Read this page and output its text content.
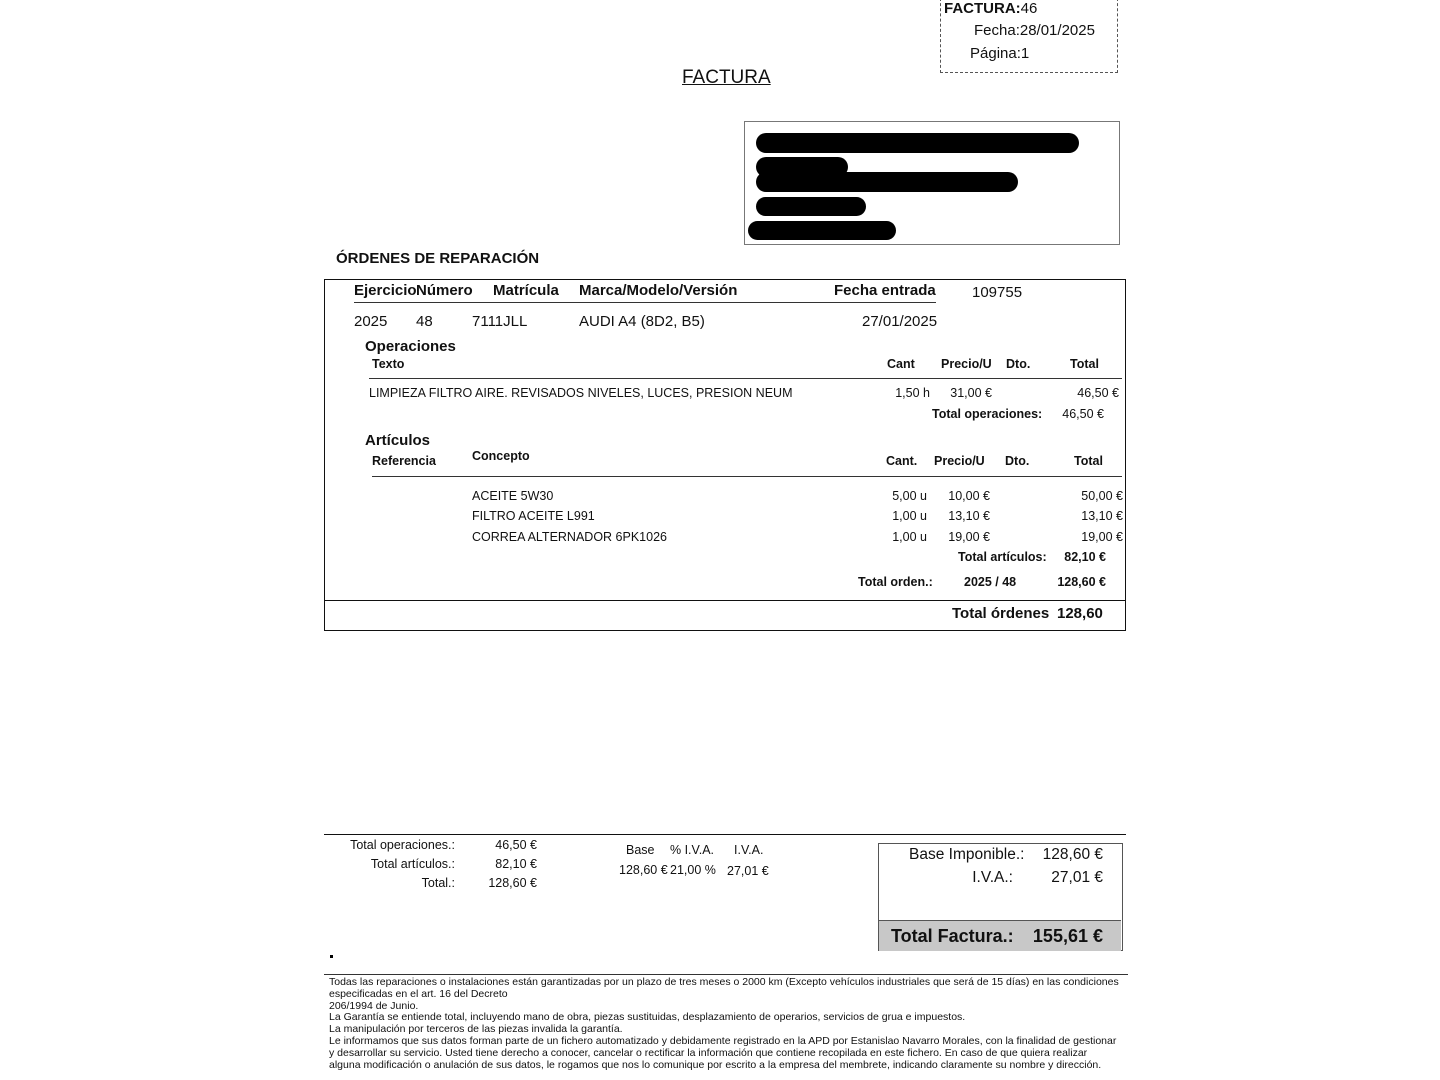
FACTURA:46
Fecha:28/01/2025
Página:1
FACTURA
ÓRDENES DE REPARACIÓN
Ejercicio Número Matrícula Marca/Modelo/Versión	Fecha entrada 109755
2025 48	7111JLL	AUDI A4 (8D2, B5)	27/01/2025
Operaciones
Texto	Cant Precio/U Dto.	Total
LIMPIEZA FILTRO AIRE. REVISADOS NIVELES, LUCES, PRESION NEUM	1,50 h	31,00 €	46,50 €
Total operaciones:	46,50 €
Artículos
Referencia	Concepto	Cant. Precio/U Dto.	Total
ACEITE 5W30	5,00 u	10,00 €	50,00 €
FILTRO ACEITE L991	1,00 u	13,10 €	13,10 €
CORREA ALTERNADOR 6PK1026	1,00 u	19,00 €	19,00 €
Total artículos:	82,10 €
Total orden.: 2025 / 48	128,60 €
Total órdenes 128,60
Total operaciones.:	46,50 €
Total artículos.:	82,10 €
Total.:	128,60 €
Base % I.V.A. I.V.A.
128,60 € 21,00 % 27,01 €
Base Imponible.:	128,60 €
I.V.A.:	27,01 €
Total Factura.:	155,61 €
Todas las reparaciones o instalaciones están garantizadas por un plazo de tres meses o 2000 km (Excepto vehículos industriales que será de 15 días) en las condiciones especificadas en el art. 16 del Decreto
206/1994 de Junio.
La Garantía se entiende total, incluyendo mano de obra, piezas sustituidas, desplazamiento de operarios, servicios de grua e impuestos.
La manipulación por terceros de las piezas invalida la garantía.
Le informamos que sus datos forman parte de un fichero automatizado y debidamente registrado en la APD por Estanislao Navarro Morales, con la finalidad de gestionar y desarrollar su servicio. Usted tiene derecho a conocer, cancelar o rectificar la información que contiene recopilada en este fichero. En caso de que quiera realizar alguna modificación o anulación de sus datos, le rogamos que nos lo comunique por escrito a la empresa del membrete, indicando claramente su nombre y dirección.
